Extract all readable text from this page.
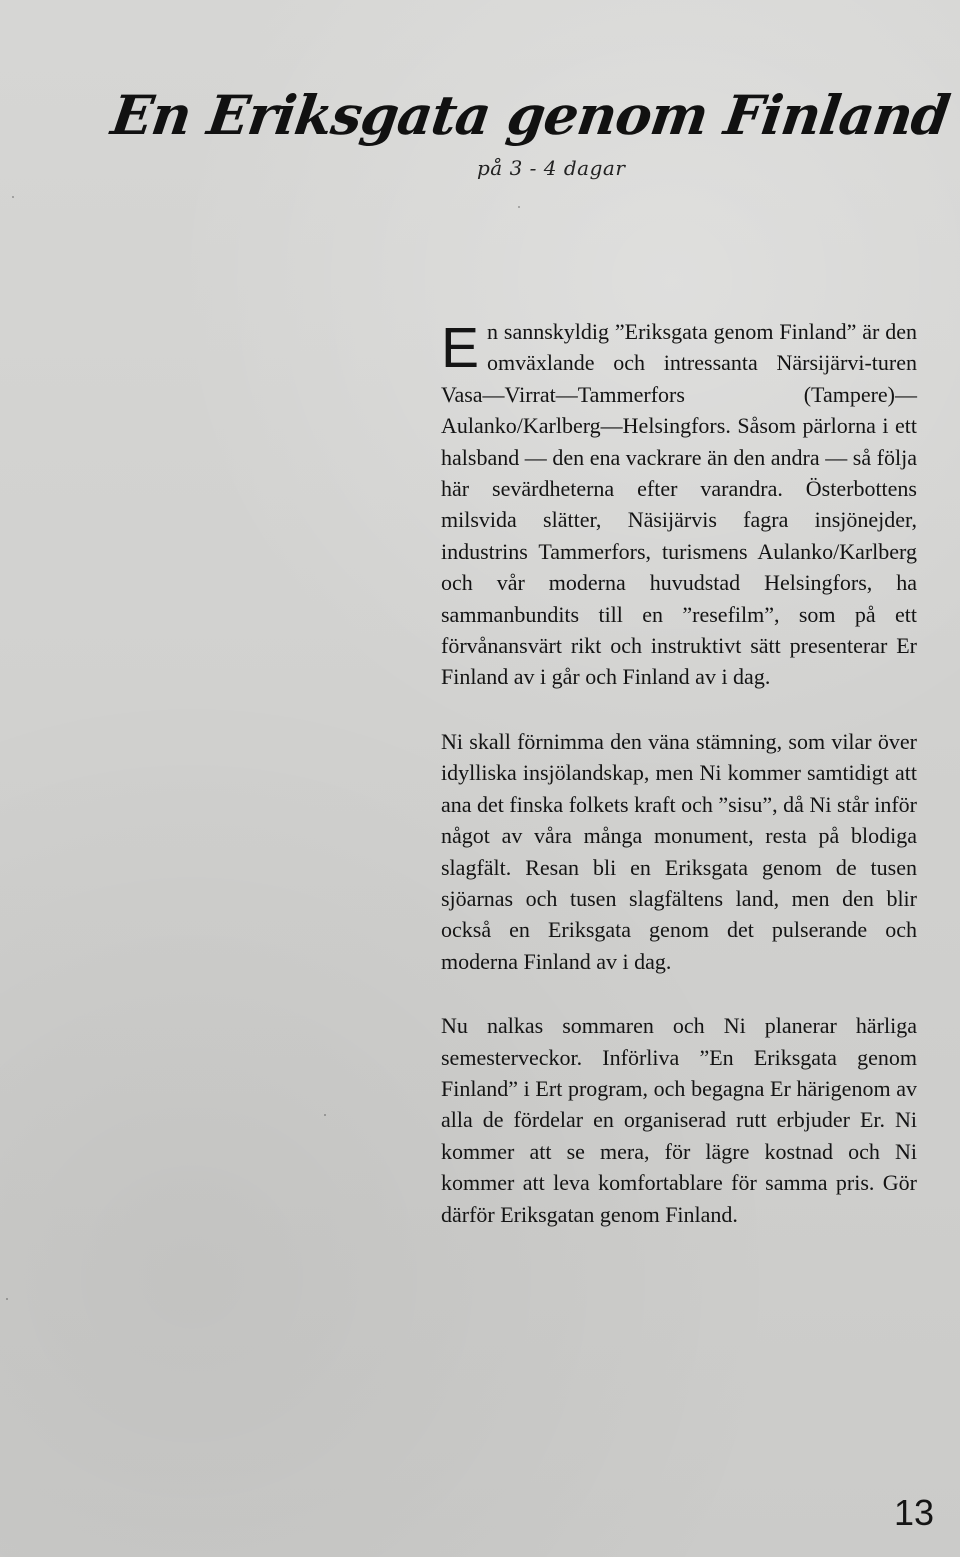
En Eriksgata genom Finland
på 3 - 4 dagar

En sannskyldig ”Eriksgata genom Finland” är den omväxlande och intressanta Närsijärvi-turen Vasa—Virrat—Tammerfors (Tampere)—Aulanko/Karlberg—Helsingfors. Såsom pärlorna i ett halsband — den ena vackrare än den andra — så följa här sevärdheterna efter varandra. Österbottens milsvida slätter, Näsijärvis fagra insjönejder, industrins Tammerfors, turismens Aulanko/Karlberg och vår moderna huvudstad Helsingfors, ha sammanbundits till en ”resefilm”, som på ett förvånansvärt rikt och instruktivt sätt presenterar Er Finland av i går och Finland av i dag.

Ni skall förnimma den väna stämning, som vilar över idylliska insjölandskap, men Ni kommer samtidigt att ana det finska folkets kraft och ”sisu”, då Ni står inför något av våra många monument, resta på blodiga slagfält. Resan bli en Eriksgata genom de tusen sjöarnas och tusen slagfältens land, men den blir också en Eriksgata genom det pulserande och moderna Finland av i dag.

Nu nalkas sommaren och Ni planerar härliga semesterveckor. Införliva ”En Eriksgata genom Finland” i Ert program, och begagna Er härigenom av alla de fördelar en organiserad rutt erbjuder Er. Ni kommer att se mera, för lägre kostnad och Ni kommer att leva komfortablare för samma pris. Gör därför Eriksgatan genom Finland.

13
